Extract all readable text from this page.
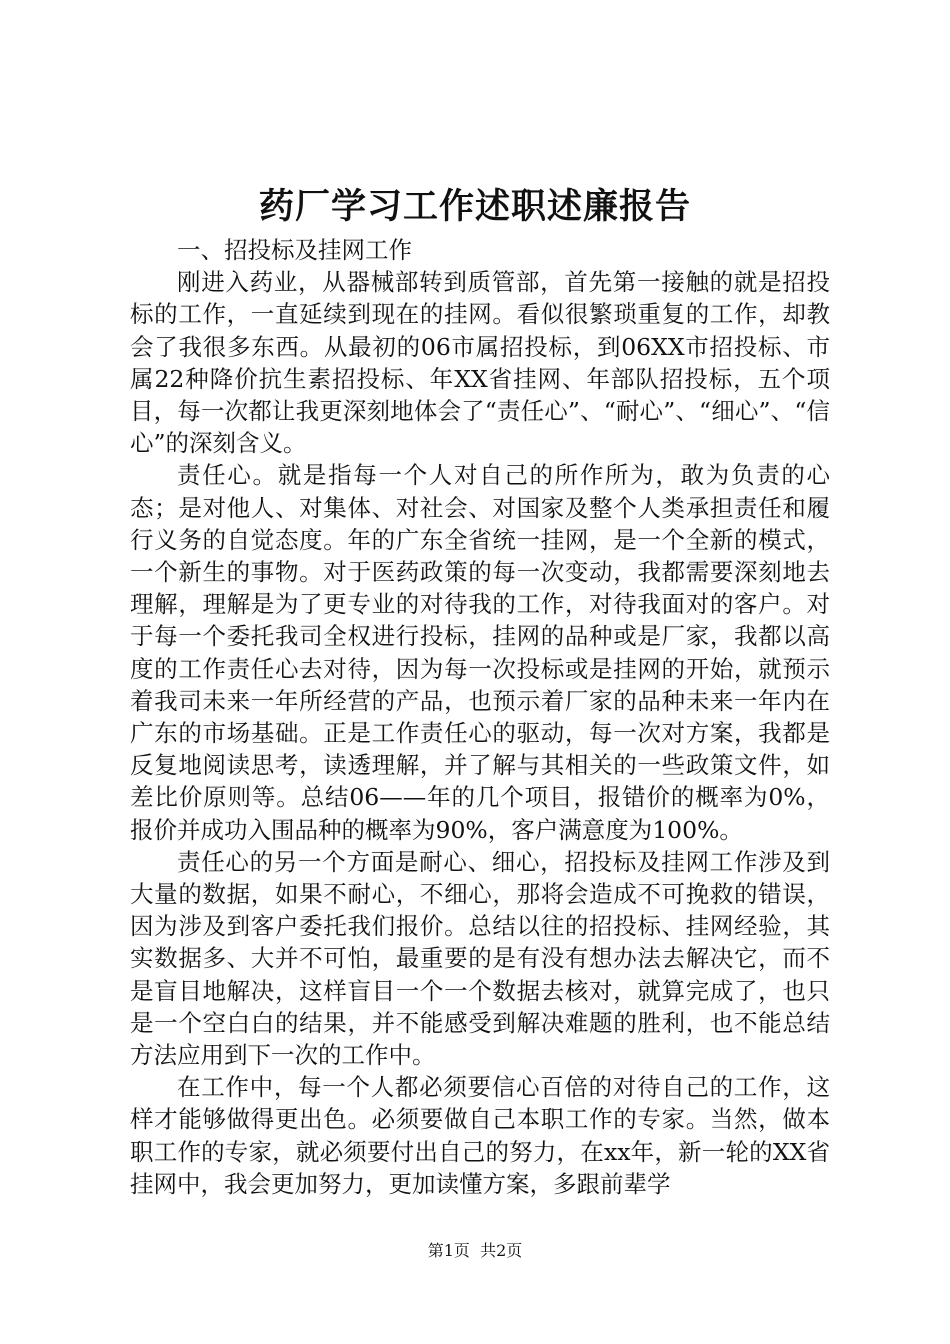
药厂学习工作述职述廉报告

一、招投标及挂网工作

刚进入药业，从器械部转到质管部，首先第一接触的就是招投标的工作，一直延续到现在的挂网。看似很繁琐重复的工作，却教会了我很多东西。从最初的06市属招投标，到06XX市招投标、市属22种降价抗生素招投标、年XX省挂网、年部队招投标，五个项目，每一次都让我更深刻地体会了“责任心”、“耐心”、“细心”、“信心”的深刻含义。

责任心。就是指每一个人对自己的所作所为，敢为负责的心态；是对他人、对集体、对社会、对国家及整个人类承担责任和履行义务的自觉态度。年的广东全省统一挂网，是一个全新的模式，一个新生的事物。对于医药政策的每一次变动，我都需要深刻地去理解，理解是为了更专业的对待我的工作，对待我面对的客户。对于每一个委托我司全权进行投标，挂网的品种或是厂家，我都以高度的工作责任心去对待，因为每一次投标或是挂网的开始，就预示着我司未来一年所经营的产品，也预示着厂家的品种未来一年内在广东的市场基础。正是工作责任心的驱动，每一次对方案，我都是反复地阅读思考，读透理解，并了解与其相关的一些政策文件，如差比价原则等。总结06——年的几个项目，报错价的概率为0%，报价并成功入围品种的概率为90%，客户满意度为100%。

责任心的另一个方面是耐心、细心，招投标及挂网工作涉及到大量的数据，如果不耐心，不细心，那将会造成不可挽救的错误，因为涉及到客户委托我们报价。总结以往的招投标、挂网经验，其实数据多、大并不可怕，最重要的是有没有想办法去解决它，而不是盲目地解决，这样盲目一个一个数据去核对，就算完成了，也只是一个空白白的结果，并不能感受到解决难题的胜利，也不能总结方法应用到下一次的工作中。

在工作中，每一个人都必须要信心百倍的对待自己的工作，这样才能够做得更出色。必须要做自己本职工作的专家。当然，做本职工作的专家，就必须要付出自己的努力，在xx年，新一轮的XX省挂网中，我会更加努力，更加读懂方案，多跟前辈学

第1页 共2页
